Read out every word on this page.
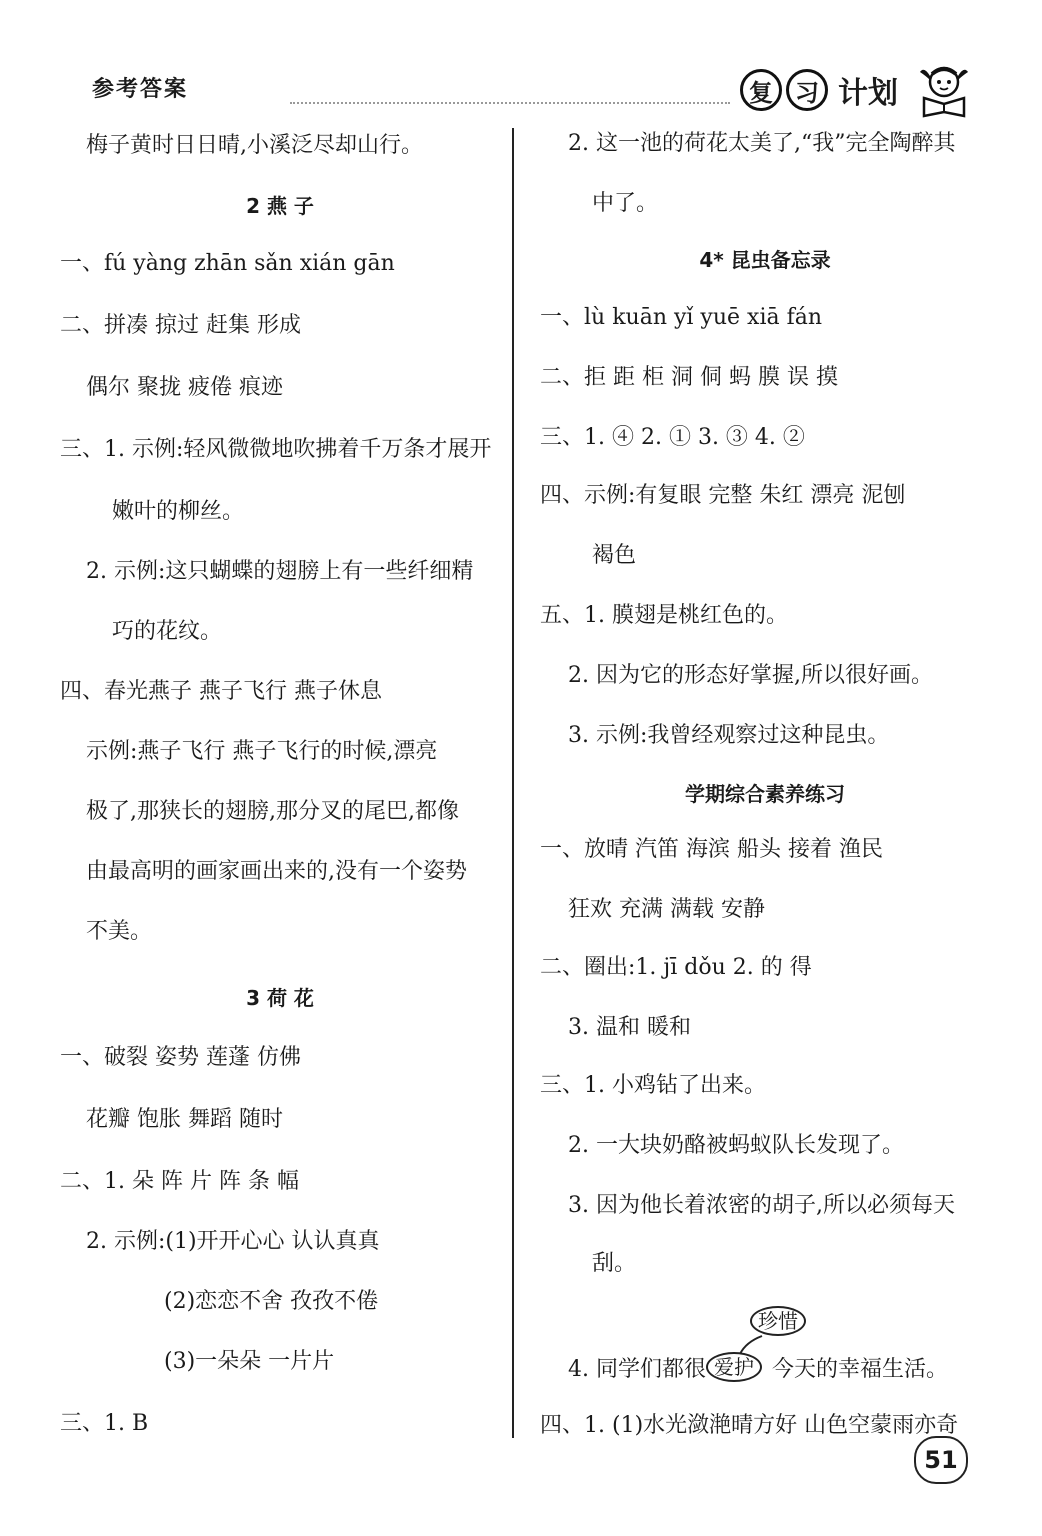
参考答案	复 习 计划
梅子黄时日日晴,小溪泛尽却山行。
2 燕 子
一、fú yàng zhān sǎn xián gān
二、拼凑 掠过 赶集 形成
偶尔 聚拢 疲倦 痕迹
三、1. 示例:轻风微微地吹拂着千万条才展开
嫩叶的柳丝。
2. 示例:这只蝴蝶的翅膀上有一些纤细精
巧的花纹。
四、春光燕子 燕子飞行 燕子休息
示例:燕子飞行 燕子飞行的时候,漂亮
极了,那狭长的翅膀,那分叉的尾巴,都像
由最高明的画家画出来的,没有一个姿势
不美。
3 荷 花
一、破裂 姿势 莲蓬 仿佛
花瓣 饱胀 舞蹈 随时
二、1. 朵 阵 片 阵 条 幅
2. 示例:(1)开开心心 认认真真
(2)恋恋不舍 孜孜不倦
(3)一朵朵 一片片
三、1. B
2. 这一池的荷花太美了,“我”完全陶醉其
中了。
4* 昆虫备忘录
一、lù kuān yǐ yuē xiā fán
二、拒 距 柜 洞 侗 蚂 膜 误 摸
三、1. ④ 2. ① 3. ③ 4. ②
四、示例:有复眼 完整 朱红 漂亮 泥刨
褐色
五、1. 膜翅是桃红色的。
2. 因为它的形态好掌握,所以很好画。
3. 示例:我曾经观察过这种昆虫。
学期综合素养练习
一、放晴 汽笛 海滨 船头 接着 渔民
狂欢 充满 满载 安静
二、圈出:1. jī dǒu 2. 的 得
3. 温和 暖和
三、1. 小鸡钻了出来。
2. 一大块奶酪被蚂蚁队长发现了。
3. 因为他长着浓密的胡子,所以必须每天
刮。
4. 同学们都很 爱护 今天的幸福生活。
珍惜
四、1. (1)水光潋滟晴方好 山色空蒙雨亦奇
51
